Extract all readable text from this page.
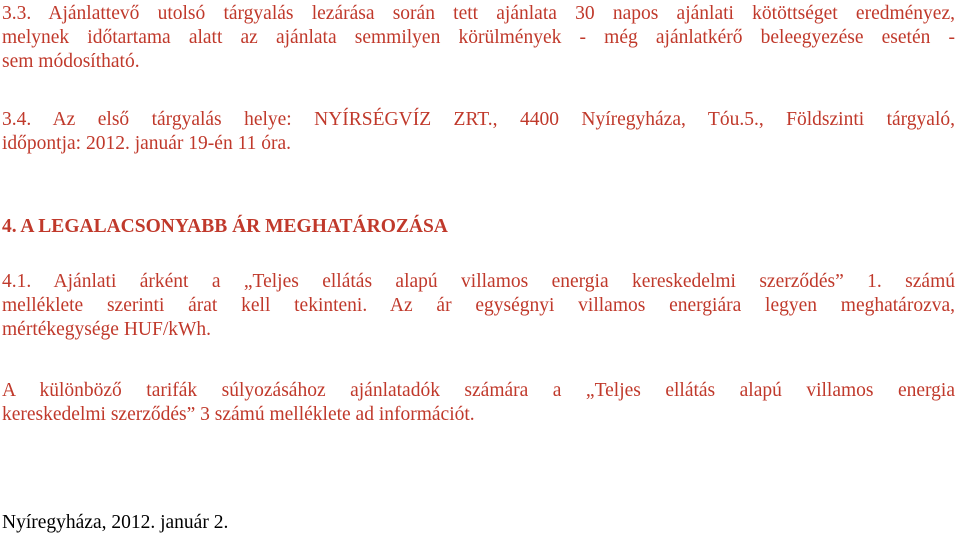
3.3. Ajánlattevő utolsó tárgyalás lezárása során tett ajánlata 30 napos ajánlati kötöttséget eredményez,
melynek időtartama alatt az ajánlata semmilyen körülmények - még ajánlatkérő beleegyezése esetén -
sem módosítható.
3.4. Az első tárgyalás helye: NYÍRSÉGVÍZ ZRT., 4400 Nyíregyháza, Tóu.5., Földszinti tárgyaló,
időpontja: 2012. január 19-én 11 óra.
4. A LEGALACSONYABB ÁR MEGHATÁROZÁSA
4.1. Ajánlati árként a „Teljes ellátás alapú villamos energia kereskedelmi szerződés” 1. számú
melléklete szerinti árat kell tekinteni. Az ár egységnyi villamos energiára legyen meghatározva,
mértékegysége HUF/kWh.
A különböző tarifák súlyozásához ajánlatadók számára a „Teljes ellátás alapú villamos energia
kereskedelmi szerződés” 3 számú melléklete ad információt.
Nyíregyháza, 2012. január 2.
